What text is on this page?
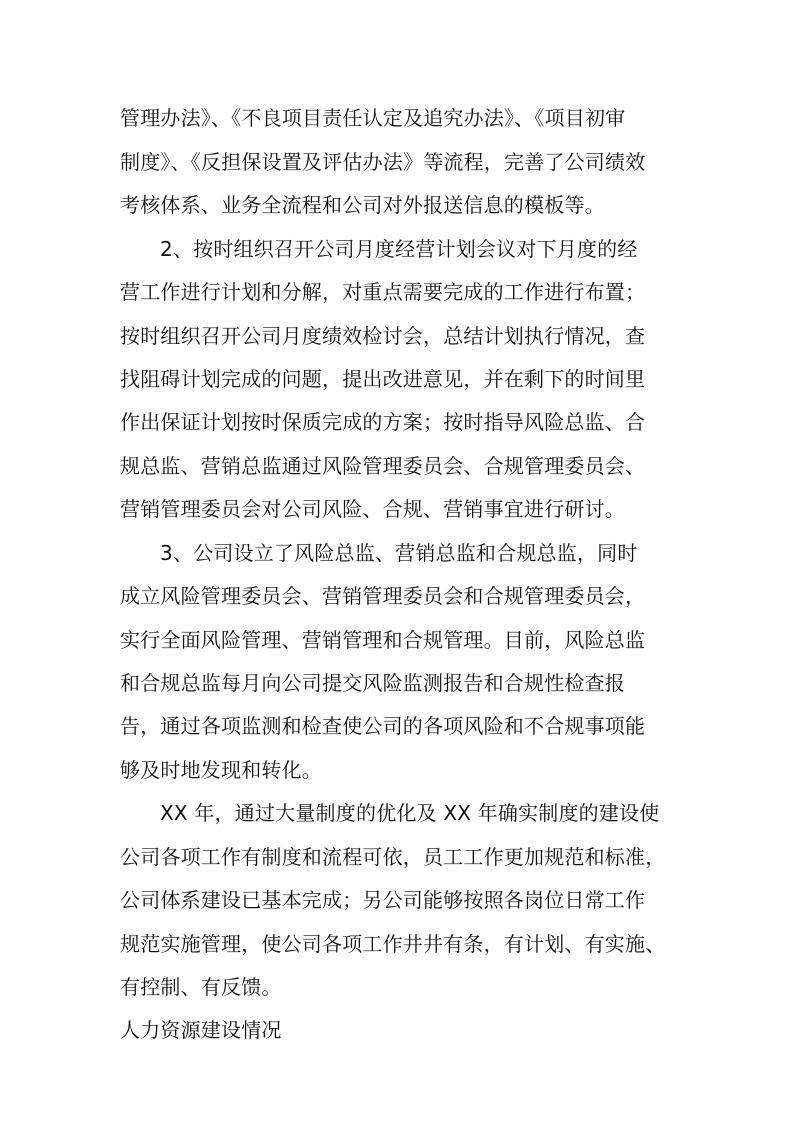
管理办法》、《不良项目责任认定及追究办法》、《项目初审
制度》、《反担保设置及评估办法》等流程，完善了公司绩效
考核体系、业务全流程和公司对外报送信息的模板等。
2、按时组织召开公司月度经营计划会议对下月度的经
营工作进行计划和分解，对重点需要完成的工作进行布置；
按时组织召开公司月度绩效检讨会，总结计划执行情况，查
找阻碍计划完成的问题，提出改进意见，并在剩下的时间里
作出保证计划按时保质完成的方案；按时指导风险总监、合
规总监、营销总监通过风险管理委员会、合规管理委员会、
营销管理委员会对公司风险、合规、营销事宜进行研讨。
3、公司设立了风险总监、营销总监和合规总监，同时
成立风险管理委员会、营销管理委员会和合规管理委员会，
实行全面风险管理、营销管理和合规管理。目前，风险总监
和合规总监每月向公司提交风险监测报告和合规性检查报
告，通过各项监测和检查使公司的各项风险和不合规事项能
够及时地发现和转化。
XX 年，通过大量制度的优化及 XX 年确实制度的建设使
公司各项工作有制度和流程可依，员工工作更加规范和标准，
公司体系建设已基本完成；另公司能够按照各岗位日常工作
规范实施管理，使公司各项工作井井有条，有计划、有实施、
有控制、有反馈。
人力资源建设情况
